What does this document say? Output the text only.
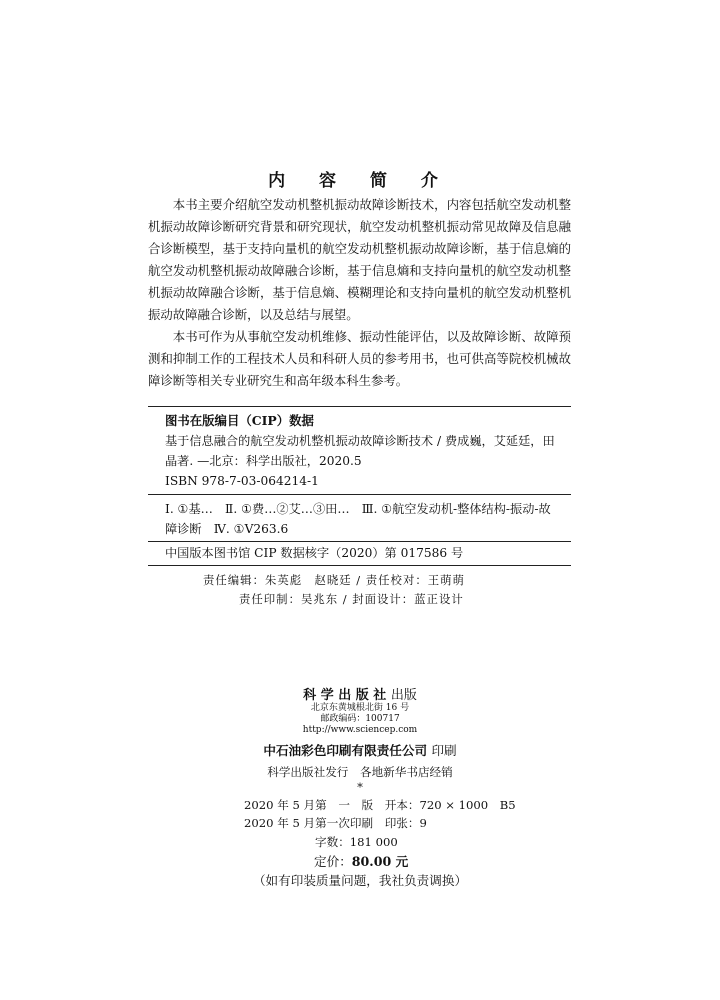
内 容 简 介

本书主要介绍航空发动机整机振动故障诊断技术，内容包括航空发动机整机振动故障诊断研究背景和研究现状，航空发动机整机振动常见故障及信息融合诊断模型，基于支持向量机的航空发动机整机振动故障诊断，基于信息熵的航空发动机整机振动故障融合诊断，基于信息熵和支持向量机的航空发动机整机振动故障融合诊断，基于信息熵、模糊理论和支持向量机的航空发动机整机振动故障融合诊断，以及总结与展望。

本书可作为从事航空发动机维修、振动性能评估，以及故障诊断、故障预测和抑制工作的工程技术人员和科研人员的参考用书，也可供高等院校机械故障诊断等相关专业研究生和高年级本科生参考。

图书在版编目（CIP）数据
基于信息融合的航空发动机整机振动故障诊断技术 / 费成巍，艾延廷，田晶著. —北京：科学出版社，2020.5
ISBN 978-7-03-064214-1
Ⅰ. ①基…　Ⅱ. ①费…②艾…③田…　Ⅲ. ①航空发动机-整体结构-振动-故障诊断　Ⅳ. ①V263.6
中国版本图书馆 CIP 数据核字（2020）第 017586 号
责任编辑：朱英彪　赵晓廷 / 责任校对：王萌萌
责任印制：吴兆东 / 封面设计：蓝正设计
科 学 出 版 社 出版
北京东黄城根北街 16 号
邮政编码：100717
http://www.sciencep.com
中石油彩色印刷有限责任公司 印刷
科学出版社发行　各地新华书店经销
*
2020 年 5 月第　一　版　开本：720 × 1000　B5
2020 年 5 月第一次印刷　印张：9
字数：181 000
定价：80.00 元
（如有印装质量问题，我社负责调换）
